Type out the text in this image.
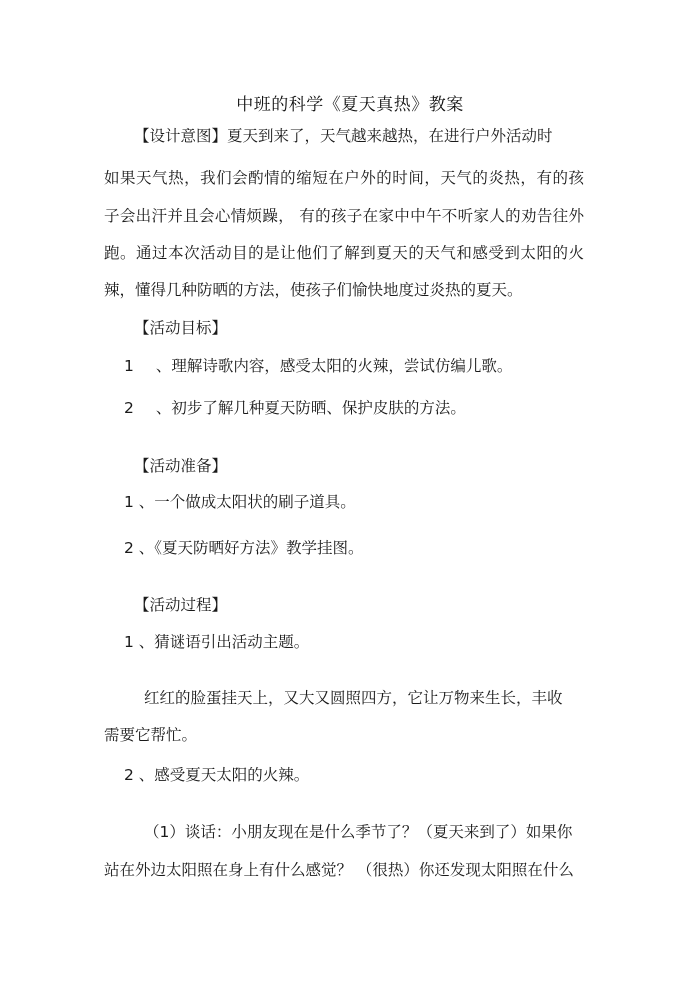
中班的科学《夏天真热》教案
【设计意图】夏天到来了，天气越来越热，在进行户外活动时
如果天气热，我们会酌情的缩短在户外的时间，天气的炎热，有的孩
子会出汗并且会心情烦躁， 有的孩子在家中中午不听家人的劝告往外
跑。通过本次活动目的是让他们了解到夏天的天气和感受到太阳的火
辣，懂得几种防晒的方法，使孩子们愉快地度过炎热的夏天。
【活动目标】
1 、理解诗歌内容，感受太阳的火辣，尝试仿编儿歌。
2 、初步了解几种夏天防晒、保护皮肤的方法。
【活动准备】
1 、一个做成太阳状的刷子道具。
2 、《夏天防晒好方法》教学挂图。
【活动过程】
1 、猜谜语引出活动主题。
红红的脸蛋挂天上，又大又圆照四方，它让万物来生长，丰收
需要它帮忙。
2 、感受夏天太阳的火辣。
（1）谈话：小朋友现在是什么季节了？（夏天来到了）如果你
站在外边太阳照在身上有什么感觉？ （很热）你还发现太阳照在什么
